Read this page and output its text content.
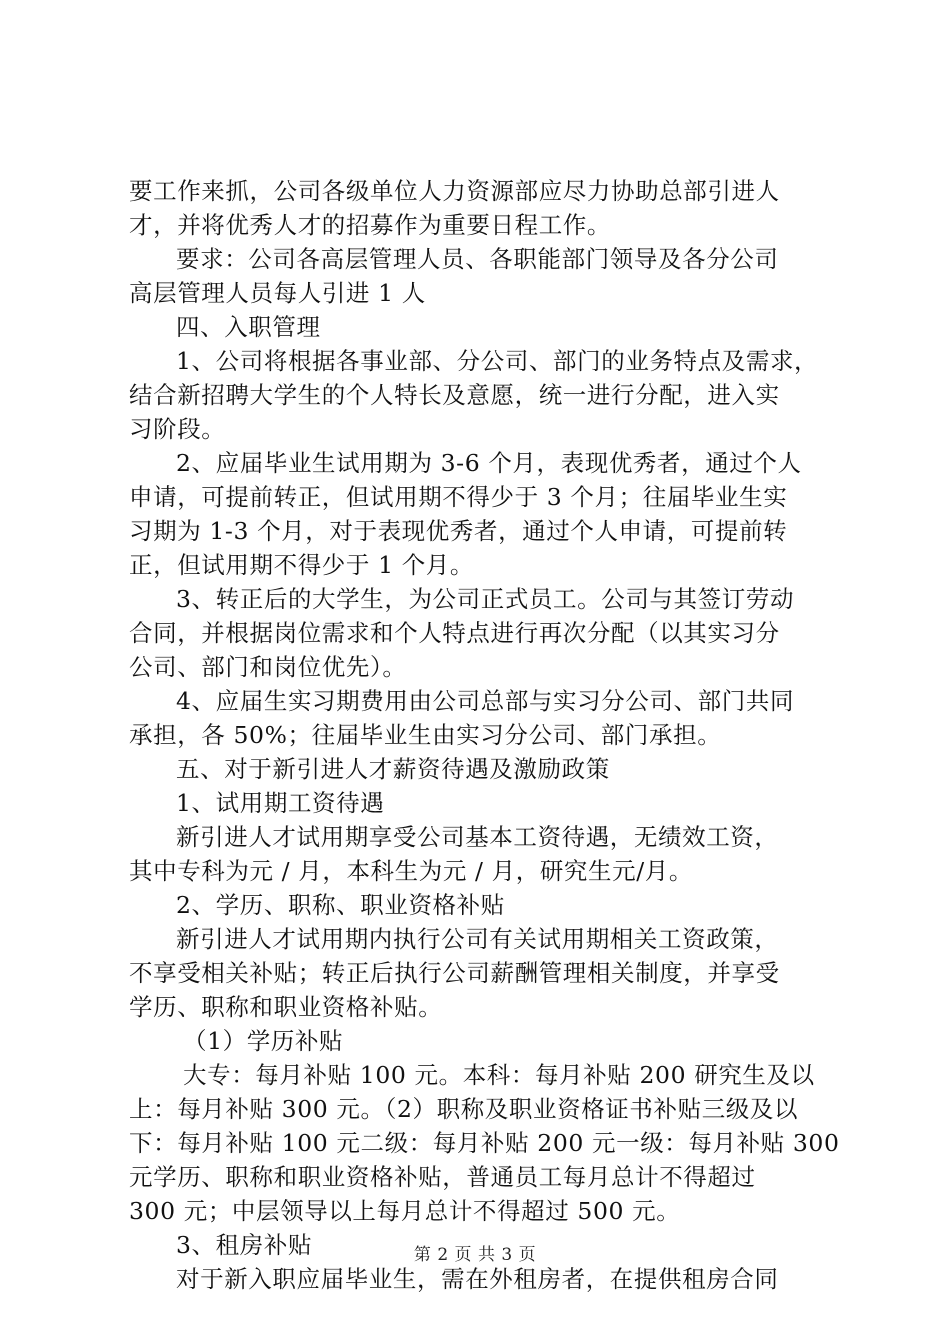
要工作来抓，公司各级单位人力资源部应尽力协助总部引进人
才，并将优秀人才的招募作为重要日程工作。
要求：公司各高层管理人员、各职能部门领导及各分公司
高层管理人员每人引进 1 人
四、入职管理
1、公司将根据各事业部、分公司、部门的业务特点及需求，
结合新招聘大学生的个人特长及意愿，统一进行分配，进入实
习阶段。
2、应届毕业生试用期为 3-6 个月，表现优秀者，通过个人
申请，可提前转正，但试用期不得少于 3 个月；往届毕业生实
习期为 1-3 个月，对于表现优秀者，通过个人申请，可提前转
正，但试用期不得少于 1 个月。
3、转正后的大学生，为公司正式员工。公司与其签订劳动
合同，并根据岗位需求和个人特点进行再次分配（以其实习分
公司、部门和岗位优先）。
4、应届生实习期费用由公司总部与实习分公司、部门共同
承担，各 50%；往届毕业生由实习分公司、部门承担。
五、对于新引进人才薪资待遇及激励政策
1、试用期工资待遇
新引进人才试用期享受公司基本工资待遇，无绩效工资，
其中专科为元 / 月，本科生为元 / 月，研究生元/月。
2、学历、职称、职业资格补贴
新引进人才试用期内执行公司有关试用期相关工资政策，
不享受相关补贴；转正后执行公司薪酬管理相关制度，并享受
学历、职称和职业资格补贴。
（1）学历补贴
大专：每月补贴 100 元。本科：每月补贴 200 研究生及以
上：每月补贴 300 元。（2）职称及职业资格证书补贴三级及以
下：每月补贴 100 元二级：每月补贴 200 元一级：每月补贴 300
元学历、职称和职业资格补贴，普通员工每月总计不得超过
300 元；中层领导以上每月总计不得超过 500 元。
3、租房补贴
对于新入职应届毕业生，需在外租房者，在提供租房合同
第 2 页 共 3 页
